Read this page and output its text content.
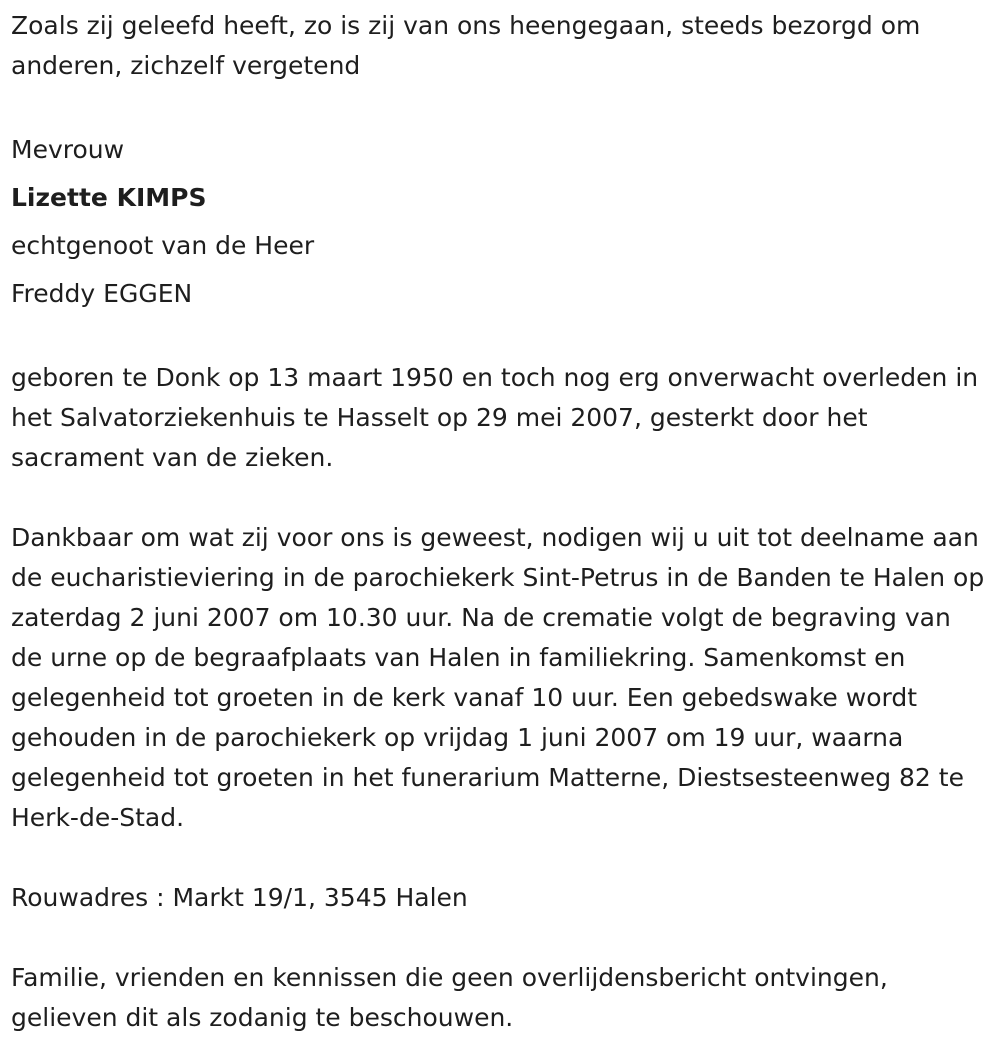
Zoals zij geleefd heeft, zo is zij van ons heengegaan, steeds bezorgd om anderen, zichzelf vergetend

Mevrouw

Lizette KIMPS

echtgenoot van de Heer

Freddy EGGEN

geboren te Donk op 13 maart 1950 en toch nog erg onverwacht overleden in het Salvatorziekenhuis te Hasselt op 29 mei 2007, gesterkt door het sacrament van de zieken.

Dankbaar om wat zij voor ons is geweest, nodigen wij u uit tot deelname aan de eucharistieviering in de parochiekerk Sint-Petrus in de Banden te Halen op zaterdag 2 juni 2007 om 10.30 uur. Na de crematie volgt de begraving van de urne op de begraafplaats van Halen in familiekring. Samenkomst en gelegenheid tot groeten in de kerk vanaf 10 uur. Een gebedswake wordt gehouden in de parochiekerk op vrijdag 1 juni 2007 om 19 uur, waarna gelegenheid tot groeten in het funerarium Matterne, Diestsesteenweg 82 te Herk-de-Stad.

Rouwadres : Markt 19/1, 3545 Halen

Familie, vrienden en kennissen die geen overlijdensbericht ontvingen, gelieven dit als zodanig te beschouwen.
